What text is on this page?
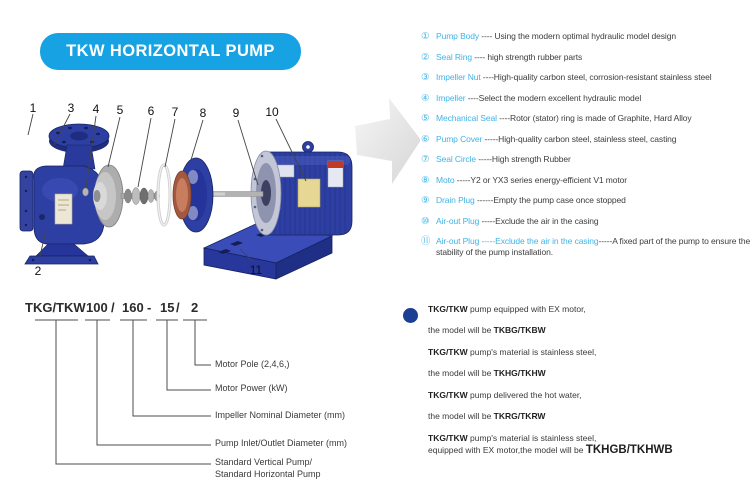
TKW HORIZONTAL PUMP
1	3 4 5 6 7 8 9 10
2	11
① Pump Body ---- Using the modern optimal hydraulic model design
② Seal Ring ---- high strength rubber parts
③ Impeller Nut ----High-quality carbon steel, corrosion-resistant stainless steel
④ Impeller ----Select the modern excellent hydraulic model
⑤ Mechanical Seal ----Rotor (stator) ring is made of Graphite, Hard Alloy
⑥ Pump Cover -----High-quality carbon steel, stainless steel, casting
⑦ Seal Circle -----High strength Rubber
⑧ Moto -----Y2 or YX3 series energy-efficient V1 motor
⑨ Drain Plug ------Empty the pump case once stopped
⑩ Air-out Plug -----Exclude the air in the casing
⑪ Air-out Plug -----Exclude the air in the casing-----A fixed part of the pump to ensure the stability of the pump installation.
TKG/TKW 100 / 160 - 15 / 2
Motor Pole (2,4,6,)
Motor Power (kW)
Impeller Nominal Diameter (mm)
Pump Inlet/Outlet Diameter (mm)
Standard Vertical Pump/
Standard Horizontal Pump

TKG/TKW pump equipped with EX motor,

the model will be TKBG/TKBW

TKG/TKW pump's material is stainless steel,

the model will be TKHG/TKHW

TKG/TKW pump delivered the hot water,

the model will be TKRG/TKRW

TKG/TKW pump's material is stainless steel,

equipped with EX motor,the model will be TKHGB/TKHWB
